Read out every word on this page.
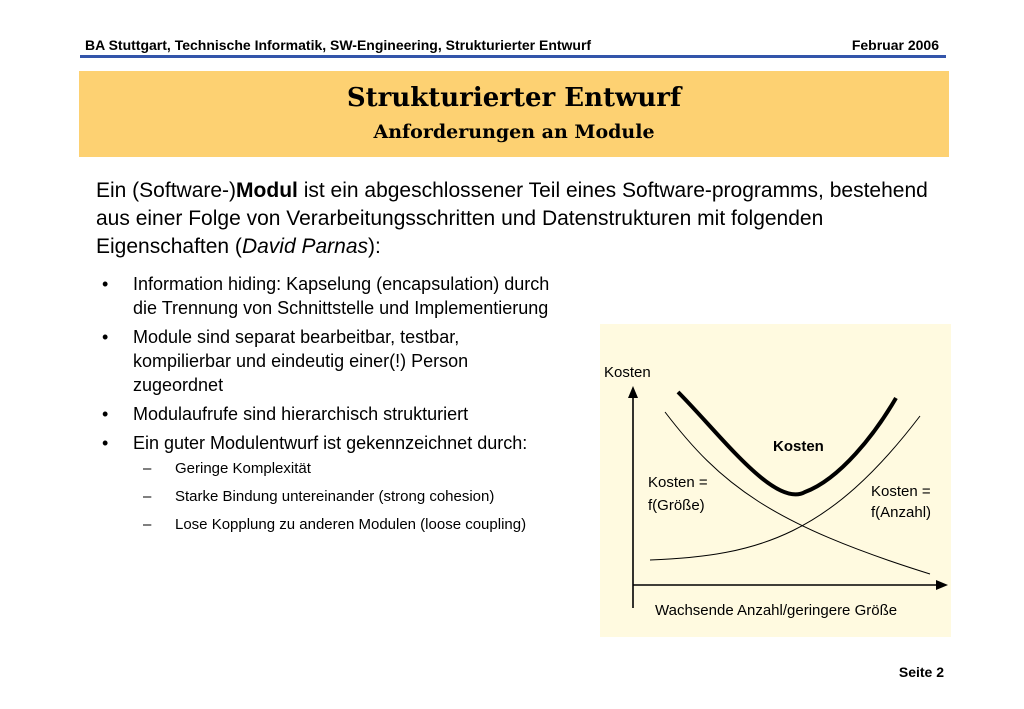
BA Stuttgart, Technische Informatik, SW-Engineering, Strukturierter Entwurf	Februar 2006
Strukturierter Entwurf
Anforderungen an Module
Ein (Software-)Modul ist ein abgeschlossener Teil eines Software-programms, bestehend aus einer Folge von Verarbeitungsschritten und Datenstrukturen mit folgenden Eigenschaften (David Parnas):
• Information hiding: Kapselung (encapsulation) durch die Trennung von Schnittstelle und Implementierung
• Module sind separat bearbeitbar, testbar, kompilierbar und eindeutig einer(!) Person zugeordnet
• Modulaufrufe sind hierarchisch strukturiert
• Ein guter Modulentwurf ist gekennzeichnet durch:
– Geringe Komplexität
– Starke Bindung untereinander (strong cohesion)
– Lose Kopplung zu anderen Modulen (loose coupling)
Kosten
Wachsende Anzahl/geringere Größe
Kosten
Kosten =
f(Größe)
Kosten =
f(Anzahl)
Seite 2
